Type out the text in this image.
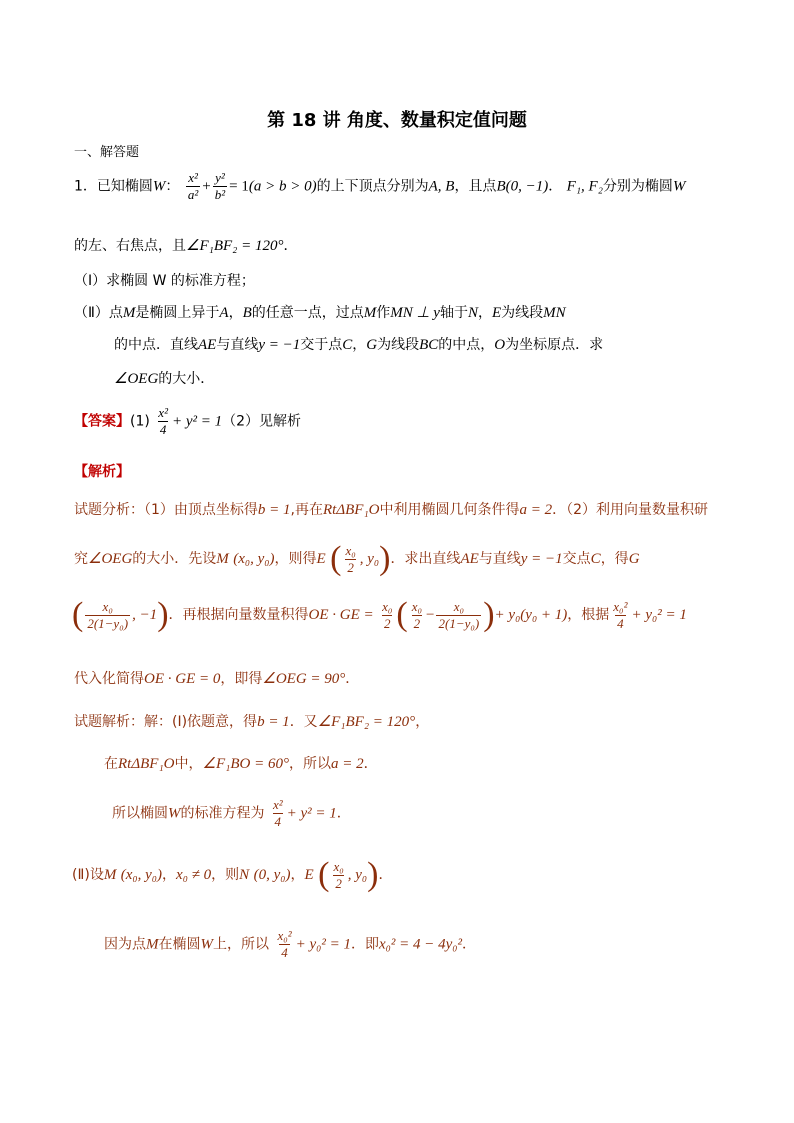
第 18 讲 角度、数量积定值问题
一、解答题
1．已知椭圆W： $\frac{\text{x²}}{\text{a²}} + \frac{\text{y²}}{\text{b²}} = 1(a > b > 0)$的上下顶点分别为A, B，且点B(0, −1)． F₁, F₂分别为椭圆W
的左、右焦点，且∠F₁BF₂ = 120°．
（Ⅰ）求椭圆 W 的标准方程；
（Ⅱ）点M是椭圆上异于A，B的任意一点，过点M作MN ⊥ y轴于N，E为线段MN
的中点．直线AE与直线y = −1交于点C，G为线段BC的中点，O为坐标原点．求
∠OEG的大小．
【答案】$(1) \frac{\text{x²}}{4} + y^2 = 1(2)$见解析
【解析】
试题分析：（1）由顶点坐标得b = 1,再在RtΔBF₁O中利用椭圆几何条件得a = 2．（2）利用向量数量积研
究∠OEG的大小．先设M (x₀, y₀)，则得E ( $\frac{\text{x₀}}{2}$ , y₀)．求出直线AE与直线y = −1交点C，得G
( $\frac{\text{x₀}}{\text{2(1−y₀)}}$ , −1)．再根据向量数量积得OE · GE = $\frac{\text{x₀}}{2}$ ( $\frac{\text{x₀}}{2} - \frac{\text{x₀}}{\text{2(1−y₀)}}$ )+ y₀(y₀ + 1)，根据 $\frac{\text{x₀²}}{4} + y_0^2 = 1$
代入化简得OE · GE = 0，即得∠OEG = 90°．
试题解析：解：(Ⅰ)依题意，得b = 1．又∠F₁BF₂ = 120°，
在RtΔBF₁O中，∠F₁BO = 60°，所以a = 2．
所以椭圆W的标准方程为 $\frac{\text{x²}}{4} + y^2 = 1$．
(Ⅱ)设M (x₀, y₀)，x₀ ≠ 0，则N (0, y₀)，E ( $\frac{\text{x₀}}{2}$ , y₀)．
因为点M在椭圆W上，所以 $\frac{\text{x₀²}}{4} + y_0^2 = 1$．即x₀² = 4 − 4y₀²．
